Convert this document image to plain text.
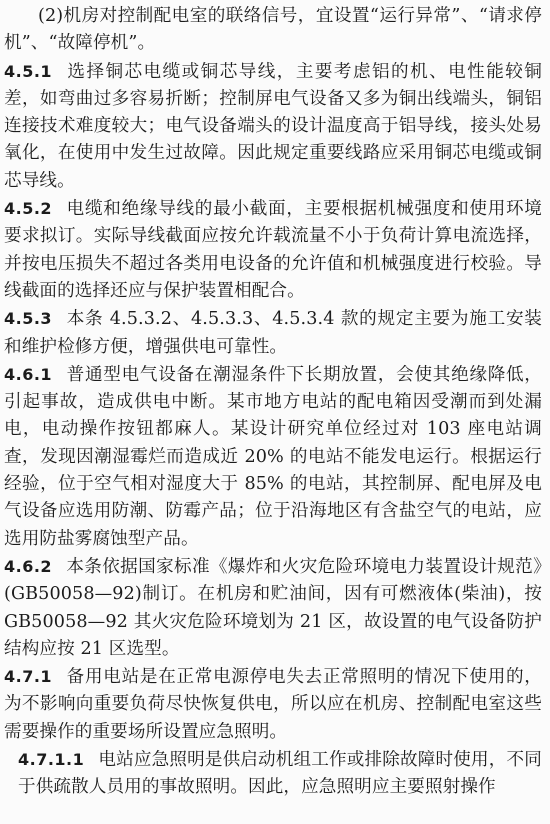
(2)机房对控制配电室的联络信号，宜设置“运行异常”、“请求停机”、“故障停机”。

4.5.1 选择铜芯电缆或铜芯导线，主要考虑铝的机、电性能较铜差，如弯曲过多容易折断；控制屏电气设备又多为铜出线端头，铜铝连接技术难度较大；电气设备端头的设计温度高于铝导线，接头处易氧化，在使用中发生过故障。因此规定重要线路应采用铜芯电缆或铜芯导线。

4.5.2 电缆和绝缘导线的最小截面，主要根据机械强度和使用环境要求拟订。实际导线截面应按允许载流量不小于负荷计算电流选择，并按电压损失不超过各类用电设备的允许值和机械强度进行校验。导线截面的选择还应与保护装置相配合。

4.5.3 本条 4.5.3.2、4.5.3.3、4.5.3.4 款的规定主要为施工安装和维护检修方便，增强供电可靠性。

4.6.1 普通型电气设备在潮湿条件下长期放置，会使其绝缘降低，引起事故，造成供电中断。某市地方电站的配电箱因受潮而到处漏电，电动操作按钮都麻人。某设计研究单位经过对 103 座电站调查，发现因潮湿霉烂而造成近 20% 的电站不能发电运行。根据运行经验，位于空气相对湿度大于 85% 的电站，其控制屏、配电屏及电气设备应选用防潮、防霉产品；位于沿海地区有含盐空气的电站，应选用防盐雾腐蚀型产品。

4.6.2 本条依据国家标准《爆炸和火灾危险环境电力装置设计规范》(GB50058—92)制订。在机房和贮油间，因有可燃液体(柴油)，按 GB50058—92 其火灾危险环境划为 21 区，故设置的电气设备防护结构应按 21 区选型。

4.7.1 备用电站是在正常电源停电失去正常照明的情况下使用的，为不影响向重要负荷尽快恢复供电，所以应在机房、控制配电室这些需要操作的重要场所设置应急照明。

4.7.1.1 电站应急照明是供启动机组工作或排除故障时使用，不同于供疏散人员用的事故照明。因此，应急照明应主要照射操作
